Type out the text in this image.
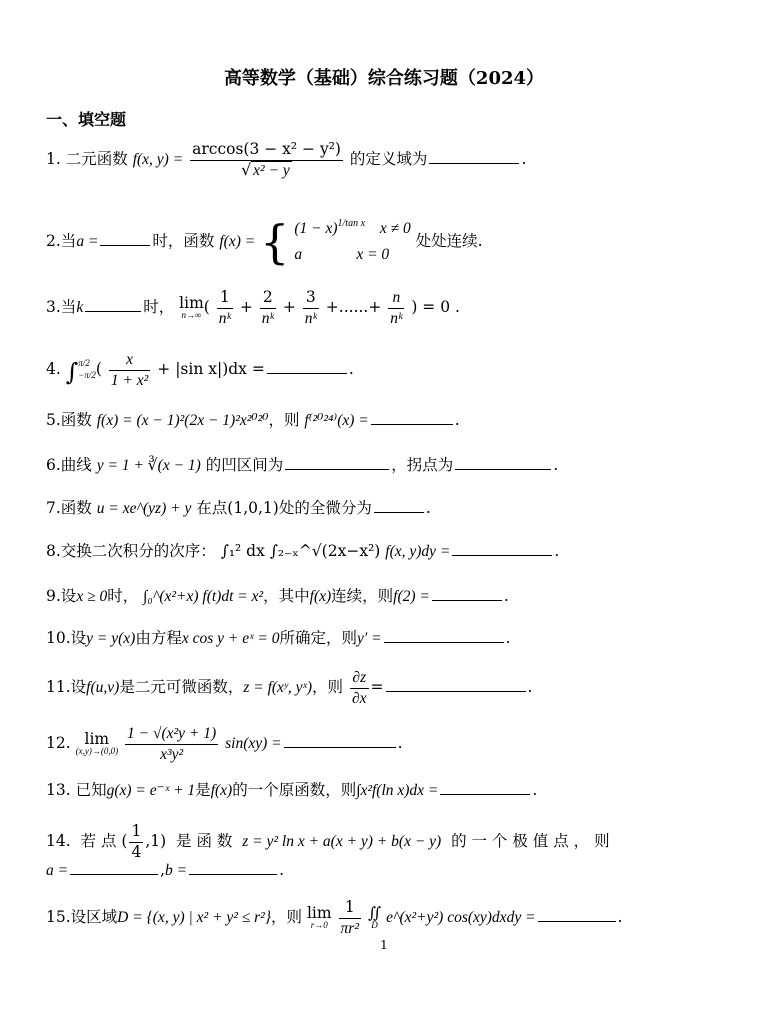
高等数学（基础）综合练习题（2024）
一、填空题
1. 二元函数 f(x, $y) = \frac{\text{arccos(3 − x² − y²)}}{\text{√ x² − y}}$ 的定义域为	.
2.当a =	时，函数 f(x) = { $(1 - x)^{1/tan x}$ x ≠ 0
a	x = 0
处处连续.
3.当k	时， lim
n→∞ ( $\frac{1}{\text{nᵏ}} + \frac{2}{\text{nᵏ}} + \frac{3}{\text{nᵏ}}$ +......+ $\frac{n}{\text{nᵏ}}$ ) = 0 .
4. ∫ π/2
−π/2 ( $\frac{x}{\text{1 + x²}} + |\sin$ x|)dx =	.
5.函数 f(x) = (x − 1)²(2x − 1)²x²⁰²⁰，则 f⁽²⁰²⁴⁾(x) =	.
6.曲线 y = 1 + ∛(x − 1) 的凹区间为	，拐点为	.
7.函数 u = xe^(yz) + y 在点(1,0,1)处的全微分为	.
8.交换二次积分的次序： ∫₁² dx ∫₂₋ₓ^√(2x−x²) f(x, y)dy =	.
9.设x ≥ 0时， ∫₀^(x²+x) f(t)dt = x²，其中f(x)连续，则f(2) =	.
10.设y = y(x)由方程x cos y + eˣ = 0所确定，则y′ =	.
11.设f(u,v)是二元可微函数，z = f(xʸ, yˣ)，则 $\frac{\partial z}{\partial x}$ =	.
12. lim
(x,y)→(0,0)
$\frac{\text{1 − √(x²y + 1)}}{\text{x³y²}} \sin(xy)$ =	.
13. 已知g(x) = e⁻ˣ + 1是f(x)的一个原函数，则∫x²f(ln x)dx =	.
14. 若 点 ( $\frac{1}{4} ,1$) 是 函 数 z = y² ln x + a(x + y) + b(x − y) 的 一 个 极 值 点 ， 则
a =	,b =	.
15.设区域D = {(x, y) | x² + y² ≤ r²}，则 lim
r→0
$\frac{1}{\text{πr²}}$
∬
D e^(x²+y²) cos(xy)dxdy =	.
1
